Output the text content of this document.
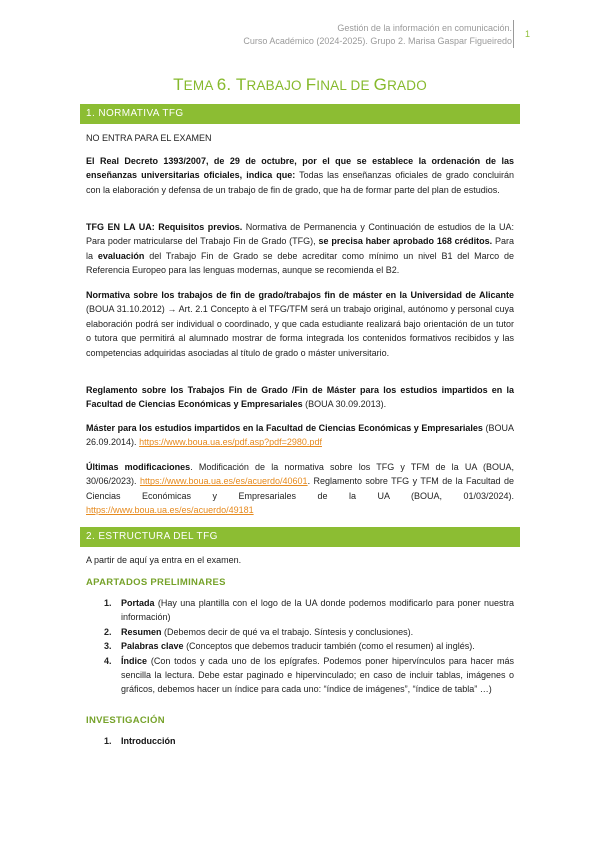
Gestión de la información en comunicación.
Curso Académico (2024-2025). Grupo 2. Marisa Gaspar Figueiredo
1
TEMA 6. TRABAJO FINAL DE GRADO
1. NORMATIVA TFG

NO ENTRA PARA EL EXAMEN

El Real Decreto 1393/2007, de 29 de octubre, por el que se establece la ordenación de las enseñanzas universitarias oficiales, indica que: Todas las enseñanzas oficiales de grado concluirán con la elaboración y defensa de un trabajo de fin de grado, que ha de formar parte del plan de estudios.

TFG EN LA UA: Requisitos previos. Normativa de Permanencia y Continuación de estudios de la UA: Para poder matricularse del Trabajo Fin de Grado (TFG), se precisa haber aprobado 168 créditos. Para la evaluación del Trabajo Fin de Grado se debe acreditar como mínimo un nivel B1 del Marco de Referencia Europeo para las lenguas modernas, aunque se recomienda el B2.

Normativa sobre los trabajos de fin de grado/trabajos fin de máster en la Universidad de Alicante (BOUA 31.10.2012) → Art. 2.1 Concepto à el TFG/TFM será un trabajo original, autónomo y personal cuya elaboración podrá ser individual o coordinado, y que cada estudiante realizará bajo orientación de un tutor o tutora que permitirá al alumnado mostrar de forma integrada los contenidos formativos recibidos y las competencias adquiridas asociadas al título de grado o máster universitario.

Reglamento sobre los Trabajos Fin de Grado /Fin de Máster para los estudios impartidos en la Facultad de Ciencias Económicas y Empresariales (BOUA 30.09.2013).

Máster para los estudios impartidos en la Facultad de Ciencias Económicas y Empresariales (BOUA 26.09.2014). https://www.boua.ua.es/pdf.asp?pdf=2980.pdf

Últimas modificaciones. Modificación de la normativa sobre los TFG y TFM de la UA (BOUA, 30/06/2023). https://www.boua.ua.es/es/acuerdo/40601. Reglamento sobre TFG y TFM de la Facultad de Ciencias Económicas y Empresariales de la UA (BOUA, 01/03/2024). https://www.boua.ua.es/es/acuerdo/49181

2. ESTRUCTURA DEL TFG

A partir de aquí ya entra en el examen.

APARTADOS PRELIMINARES
1. Portada (Hay una plantilla con el logo de la UA donde podemos modificarlo para poner nuestra información)
2. Resumen (Debemos decir de qué va el trabajo. Síntesis y conclusiones).
3. Palabras clave (Conceptos que debemos traducir también (como el resumen) al inglés).
4. Índice (Con todos y cada uno de los epígrafes. Podemos poner hipervínculos para hacer más sencilla la lectura. Debe estar paginado e hipervinculado; en caso de incluir tablas, imágenes o gráficos, debemos hacer un índice para cada uno: “índice de imágenes”, “índice de tabla” …)
INVESTIGACIÓN
1. Introducción
